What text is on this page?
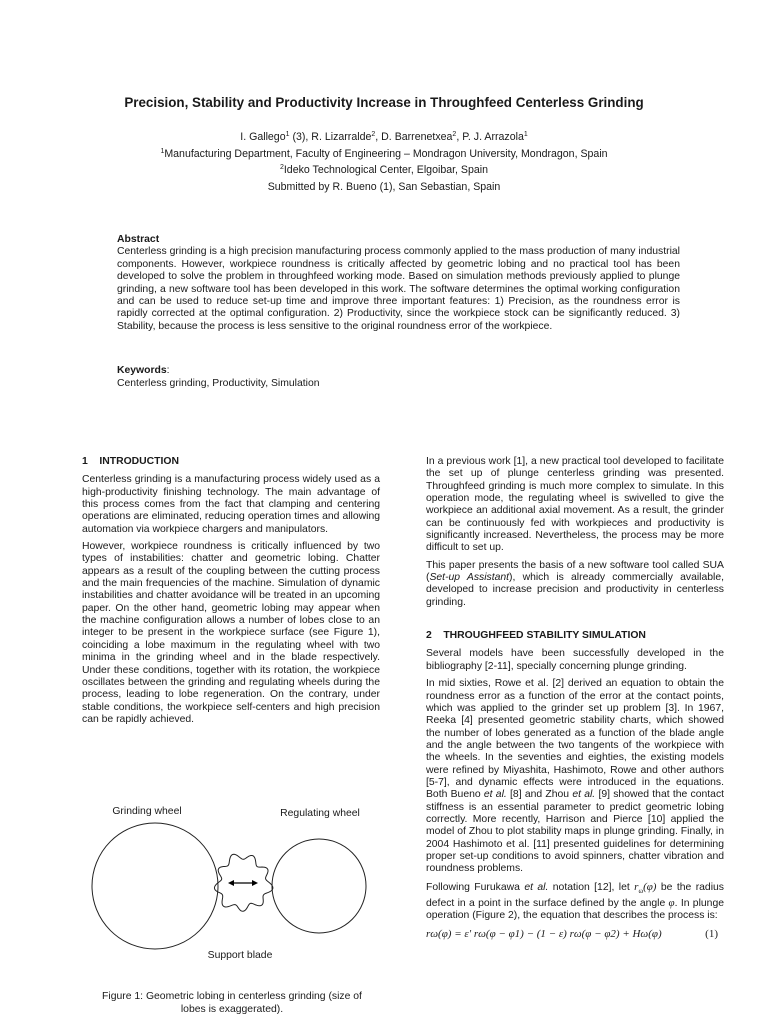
Precision, Stability and Productivity Increase in Throughfeed Centerless Grinding
I. Gallego$^1$ (3), R. Lizarralde$^2$, D. Barrenetxea$^2$, P. J. Arrazola$^1$
$^1$Manufacturing Department, Faculty of Engineering – Mondragon University, Mondragon, Spain
$^2$Ideko Technological Center, Elgoibar, Spain
Submitted by R. Bueno (1), San Sebastian, Spain
Abstract
Centerless grinding is a high precision manufacturing process commonly applied to the mass production of many industrial components. However, workpiece roundness is critically affected by geometric lobing and no practical tool has been developed to solve the problem in throughfeed working mode. Based on simulation methods previously applied to plunge grinding, a new software tool has been developed in this work. The software determines the optimal working configuration and can be used to reduce set-up time and improve three important features: 1) Precision, as the roundness error is rapidly corrected at the optimal configuration. 2) Productivity, since the workpiece stock can be significantly reduced. 3) Stability, because the process is less sensitive to the original roundness error of the workpiece.
Keywords:
Centerless grinding, Productivity, Simulation
1    INTRODUCTION
Centerless grinding is a manufacturing process widely used as a high-productivity finishing technology. The main advantage of this process comes from the fact that clamping and centering operations are eliminated, reducing operation times and allowing automation via workpiece chargers and manipulators.
However, workpiece roundness is critically influenced by two types of instabilities: chatter and geometric lobing. Chatter appears as a result of the coupling between the cutting process and the main frequencies of the machine. Simulation of dynamic instabilities and chatter avoidance will be treated in an upcoming paper. On the other hand, geometric lobing may appear when the machine configuration allows a number of lobes close to an integer to be present in the workpiece surface (see Figure 1), coinciding a lobe maximum in the regulating wheel with two minima in the grinding wheel and in the blade respectively. Under these conditions, together with its rotation, the workpiece oscillates between the grinding and regulating wheels during the process, leading to lobe regeneration. On the contrary, under stable conditions, the workpiece self-centers and high precision can be rapidly achieved.
Grinding wheel	Regulating wheel
Support blade
Figure 1: Geometric lobing in centerless grinding (size of
lobes is exaggerated).
In a previous work [1], a new practical tool developed to facilitate the set up of plunge centerless grinding was presented. Throughfeed grinding is much more complex to simulate. In this operation mode, the regulating wheel is swivelled to give the workpiece an additional axial movement. As a result, the grinder can be continuously fed with workpieces and productivity is significantly increased. Nevertheless, the process may be more difficult to set up.
This paper presents the basis of a new software tool called SUA (Set-up Assistant), which is already commercially available, developed to increase precision and productivity in centerless grinding.
2    THROUGHFEED STABILITY SIMULATION
Several models have been successfully developed in the bibliography [2-11], specially concerning plunge grinding.
In mid sixties, Rowe et al. [2] derived an equation to obtain the roundness error as a function of the error at the contact points, which was applied to the grinder set up problem [3]. In 1967, Reeka [4] presented geometric stability charts, which showed the number of lobes generated as a function of the blade angle and the angle between the two tangents of the workpiece with the wheels. In the seventies and eighties, the existing models were refined by Miyashita, Hashimoto, Rowe and other authors [5-7], and dynamic effects were introduced in the equations. Both Bueno et al. [8] and Zhou et al. [9] showed that the contact stiffness is an essential parameter to predict geometric lobing correctly. More recently, Harrison and Pierce [10] applied the model of Zhou to plot stability maps in plunge grinding. Finally, in 2004 Hashimoto et al. [11] presented guidelines for determining proper set-up conditions to avoid spinners, chatter vibration and roundness problems.
Following Furukawa et al. notation [12], let $r_\omega(\varphi)$ be the radius defect in a point in the surface defined by the angle φ. In plunge operation (Figure 2), the equation that describes the process is:
rω(φ) = ε′ rω(φ − φ1) − (1 − ε) rω(φ − φ2) + Hω(φ)	(1)
